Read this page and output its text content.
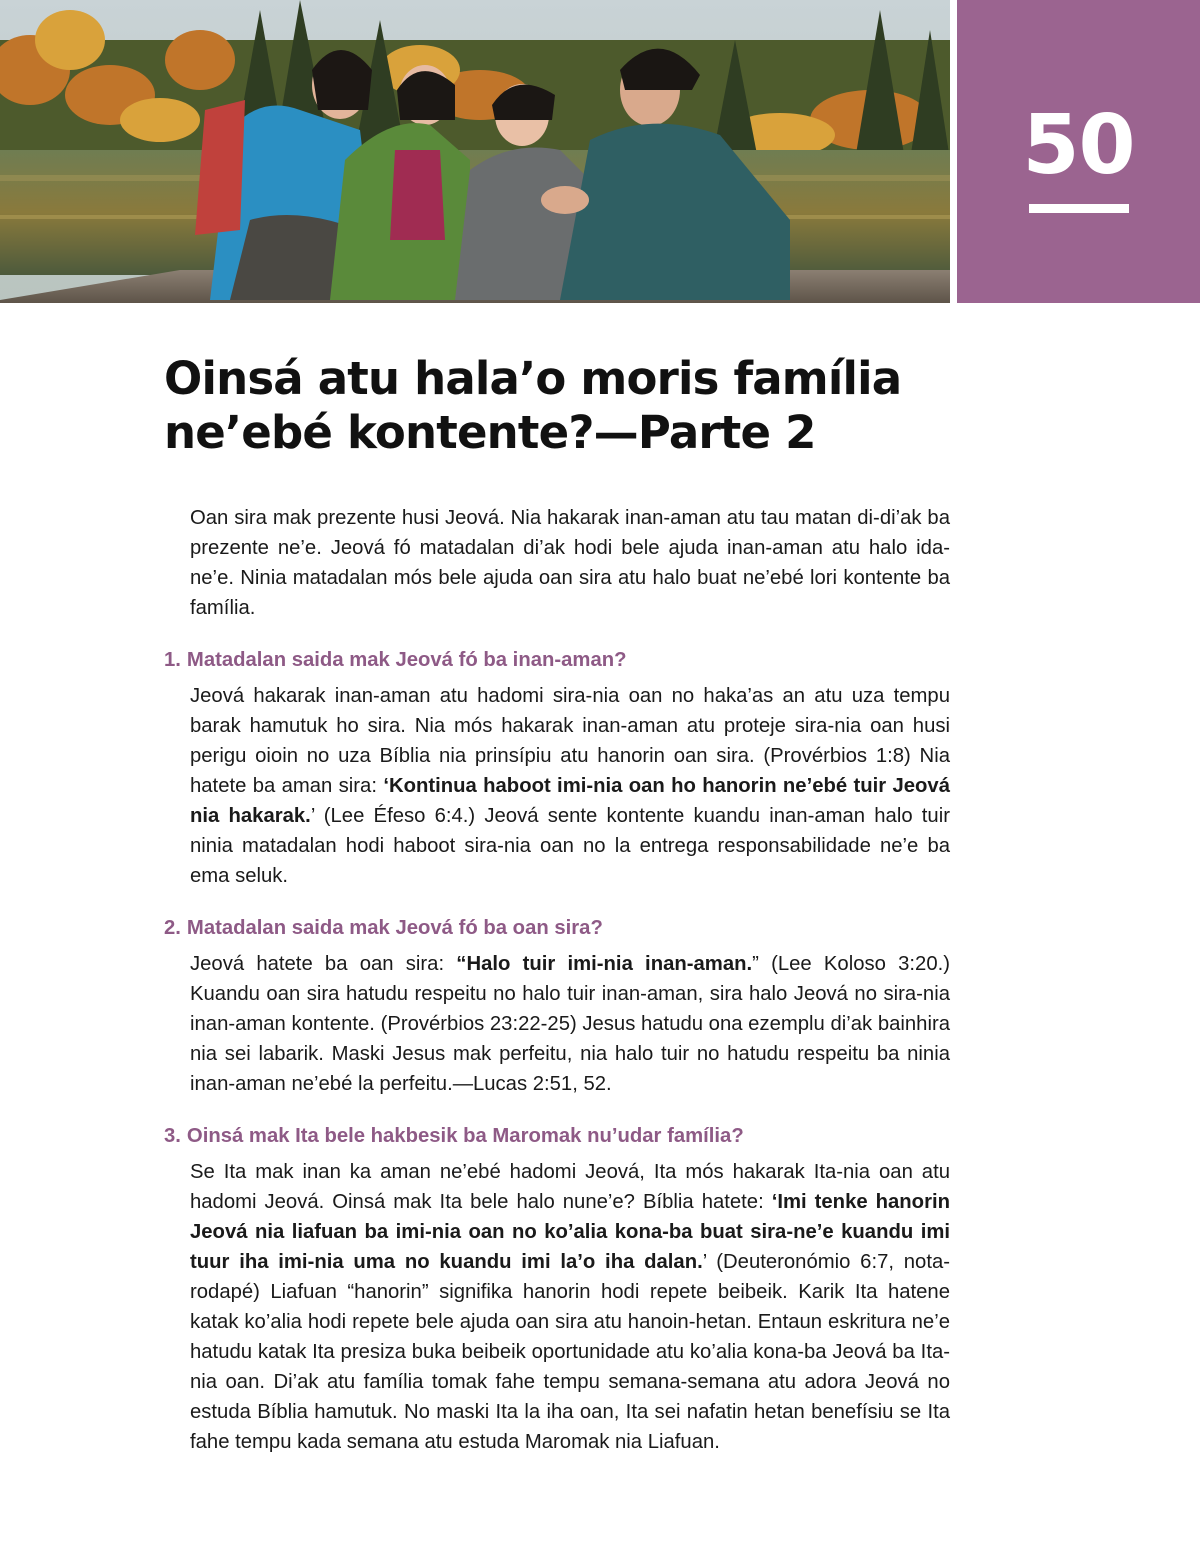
50
Oinsá atu hala’o moris família
ne’ebé kontente?—Parte 2

Oan sira mak prezente husi Jeová. Nia hakarak inan-aman atu tau matan di-di’ak ba prezente ne’e. Jeová fó matadalan di’ak hodi bele ajuda inan-aman atu halo ida-ne’e. Ninia matadalan mós bele ajuda oan sira atu halo buat ne’ebé lori kontente ba família.

1. Matadalan saida mak Jeová fó ba inan-aman?

Jeová hakarak inan-aman atu hadomi sira-nia oan no haka’as an atu uza tempu barak hamutuk ho sira. Nia mós hakarak inan-aman atu proteje sira-nia oan husi perigu oioin no uza Bíblia nia prinsípiu atu hanorin oan sira. (Provérbios 1:8) Nia hatete ba aman sira: ‘Kontinua haboot imi-nia oan ho hanorin ne’ebé tuir Jeová nia hakarak.’ (Lee Éfeso 6:4.) Jeová sente kontente kuandu inan-aman halo tuir ninia matadalan hodi haboot sira-nia oan no la entrega responsabilidade ne’e ba ema seluk.

2. Matadalan saida mak Jeová fó ba oan sira?

Jeová hatete ba oan sira: “Halo tuir imi-nia inan-aman.” (Lee Koloso 3:20.) Kuandu oan sira hatudu respeitu no halo tuir inan-aman, sira halo Jeová no sira-nia inan-aman kontente. (Provérbios 23:22-25) Jesus hatudu ona ezemplu di’ak bainhira nia sei labarik. Maski Jesus mak perfeitu, nia halo tuir no hatudu respeitu ba ninia inan-aman ne’ebé la perfeitu.—Lucas 2:51, 52.

3. Oinsá mak Ita bele hakbesik ba Maromak nu’udar família?

Se Ita mak inan ka aman ne’ebé hadomi Jeová, Ita mós hakarak Ita-nia oan atu hadomi Jeová. Oinsá mak Ita bele halo nune’e? Bíblia hatete: ‘Imi tenke hanorin Jeová nia liafuan ba imi-nia oan no ko’alia kona-ba buat sira-ne’e kuandu imi tuur iha imi-nia uma no kuandu imi la’o iha dalan.’ (Deuteronómio 6:7, nota-rodapé) Liafuan “hanorin” signifika hanorin hodi repete beibeik. Karik Ita hatene katak ko’alia hodi repete bele ajuda oan sira atu hanoin-hetan. Entaun eskritura ne’e hatudu katak Ita presiza buka beibeik oportunidade atu ko’alia kona-ba Jeová ba Ita-nia oan. Di’ak atu família tomak fahe tempu semana-semana atu adora Jeová no estuda Bíblia hamutuk. No maski Ita la iha oan, Ita sei nafatin hetan benefísiu se Ita fahe tempu kada semana atu estuda Maromak nia Liafuan.
